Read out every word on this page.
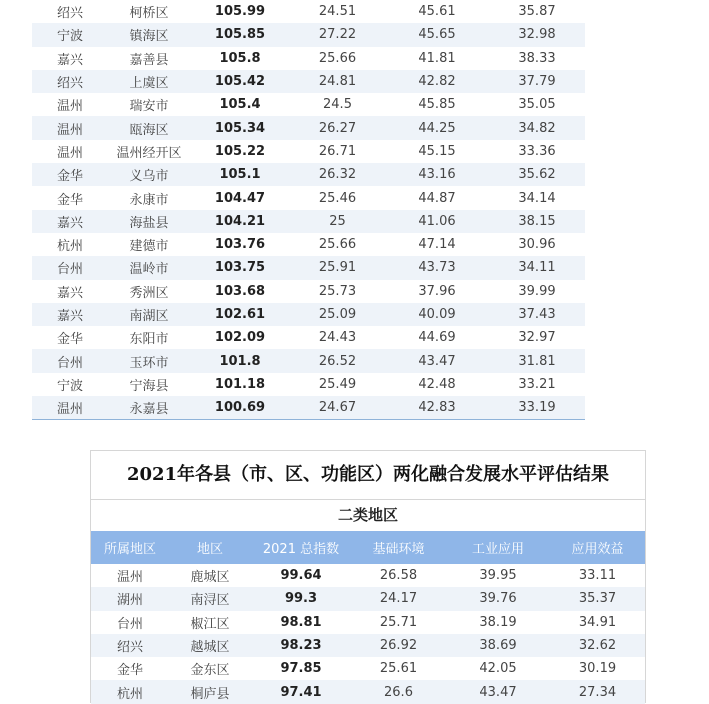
绍兴	柯桥区	105.99	24.51	45.61	35.87
宁波	镇海区	105.85	27.22	45.65	32.98
嘉兴	嘉善县	105.8	25.66	41.81	38.33
绍兴	上虞区	105.42	24.81	42.82	37.79
温州	瑞安市	105.4	24.5	45.85	35.05
温州	瓯海区	105.34	26.27	44.25	34.82
温州	温州经开区	105.22	26.71	45.15	33.36
金华	义乌市	105.1	26.32	43.16	35.62
金华	永康市	104.47	25.46	44.87	34.14
嘉兴	海盐县	104.21	25	41.06	38.15
杭州	建德市	103.76	25.66	47.14	30.96
台州	温岭市	103.75	25.91	43.73	34.11
嘉兴	秀洲区	103.68	25.73	37.96	39.99
嘉兴	南湖区	102.61	25.09	40.09	37.43
金华	东阳市	102.09	24.43	44.69	32.97
台州	玉环市	101.8	26.52	43.47	31.81
宁波	宁海县	101.18	25.49	42.48	33.21
温州	永嘉县	100.69	24.67	42.83	33.19
2021年各县（市、区、功能区）两化融合发展水平评估结果
二类地区
所属地区	地区	2021 总指数	基础环境	工业应用	应用效益
温州	鹿城区	99.64	26.58	39.95	33.11
湖州	南浔区	99.3	24.17	39.76	35.37
台州	椒江区	98.81	25.71	38.19	34.91
绍兴	越城区	98.23	26.92	38.69	32.62
金华	金东区	97.85	25.61	42.05	30.19
杭州	桐庐县	97.41	26.6	43.47	27.34
